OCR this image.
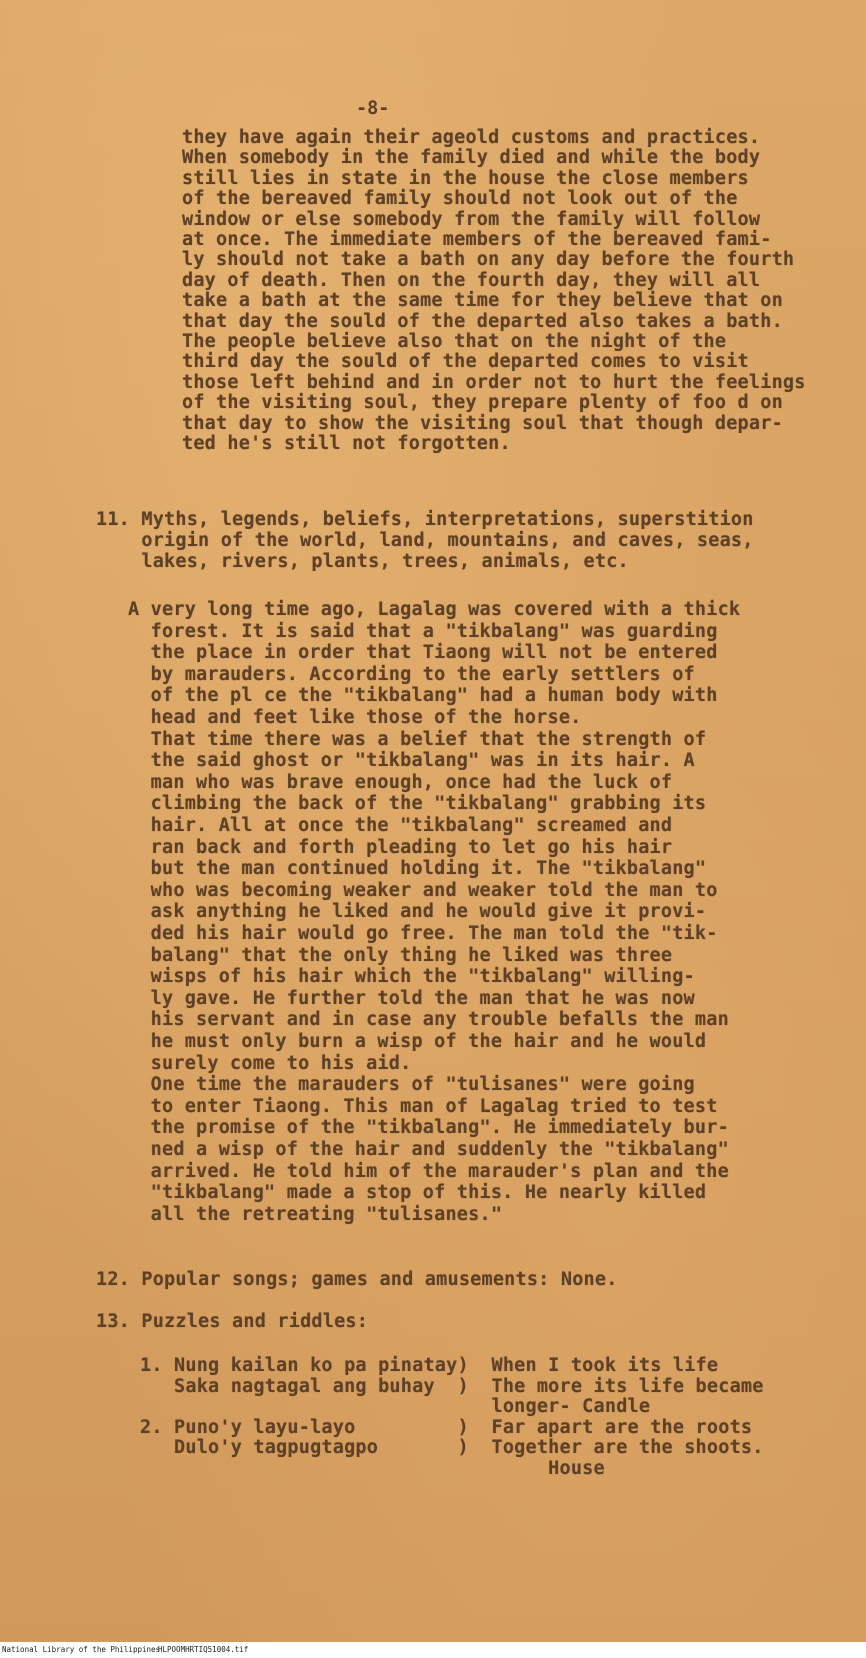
-8-
they have again their ageold customs and practices.
When somebody in the family died and while the body
still lies in state in the house the close members
of the bereaved family should not look out of the
window or else somebody from the family will follow
at once. The immediate members of the bereaved fami-
ly should not take a bath on any day before the fourth
day of death. Then on the fourth day, they will all
take a bath at the same time for they believe that on
that day the sould of the departed also takes a bath.
The people believe also that on the night of the
third day the sould of the departed comes to visit
those left behind and in order not to hurt the feelings
of the visiting soul, they prepare plenty of foo d on
that day to show the visiting soul that though depar-
ted he's still not forgotten.
11. Myths, legends, beliefs, interpretations, superstition
origin of the world, land, mountains, and caves, seas,
lakes, rivers, plants, trees, animals, etc.
A very long time ago, Lagalag was covered with a thick
forest. It is said that a "tikbalang" was guarding
the place in order that Tiaong will not be entered
by marauders. According to the early settlers of
of the pl ce the "tikbalang" had a human body with
head and feet like those of the horse.
That time there was a belief that the strength of
the said ghost or "tikbalang" was in its hair. A
man who was brave enough, once had the luck of
climbing the back of the "tikbalang" grabbing its
hair. All at once the "tikbalang" screamed and
ran back and forth pleading to let go his hair
but the man continued holding it. The "tikbalang"
who was becoming weaker and weaker told the man to
ask anything he liked and he would give it provi-
ded his hair would go free. The man told the "tik-
balang" that the only thing he liked was three
wisps of his hair which the "tikbalang" willing-
ly gave. He further told the man that he was now
his servant and in case any trouble befalls the man
he must only burn a wisp of the hair and he would
surely come to his aid.
One time the marauders of "tulisanes" were going
to enter Tiaong. This man of Lagalag tried to test
the promise of the "tikbalang". He immediately bur-
ned a wisp of the hair and suddenly the "tikbalang"
arrived. He told him of the marauder's plan and the
"tikbalang" made a stop of this. He nearly killed
all the retreating "tulisanes."
12. Popular songs; games and amusements: None.
13. Puzzles and riddles:
1. Nung kailan ko pa pinatay)  When I took its life
Saka nagtagal ang buhay  )  The more its life became
longer- Candle
2. Puno'y layu-layo         )  Far apart are the roots
Dulo'y tagpugtagpo       )  Together are the shoots.
House
National Library of the Philippines
HLPOOMHRTIQ51004.tif
